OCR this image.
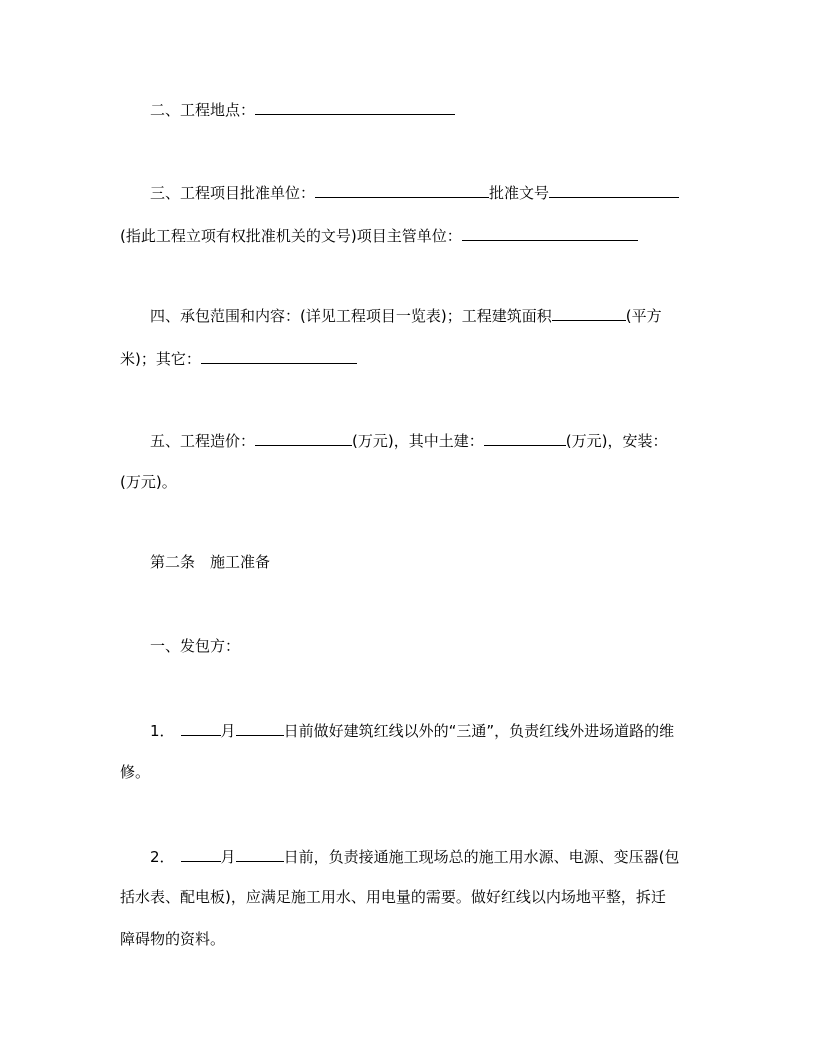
二、工程地点：
三、工程项目批准单位：	批准文号
(指此工程立项有权批准机关的文号)项目主管单位：
四、承包范围和内容：(详见工程项目一览表)；工程建筑面积	(平方
米)；其它：
五、工程造价：	(万元)，其中土建：	(万元)，安装：
(万元)。
第二条　施工准备
一、发包方：
1．	月	日前做好建筑红线以外的“三通”，负责红线外进场道路的维
修。
2．	月	日前，负责接通施工现场总的施工用水源、电源、变压器(包
括水表、配电板)，应满足施工用水、用电量的需要。做好红线以内场地平整，拆迁
障碍物的资料。
